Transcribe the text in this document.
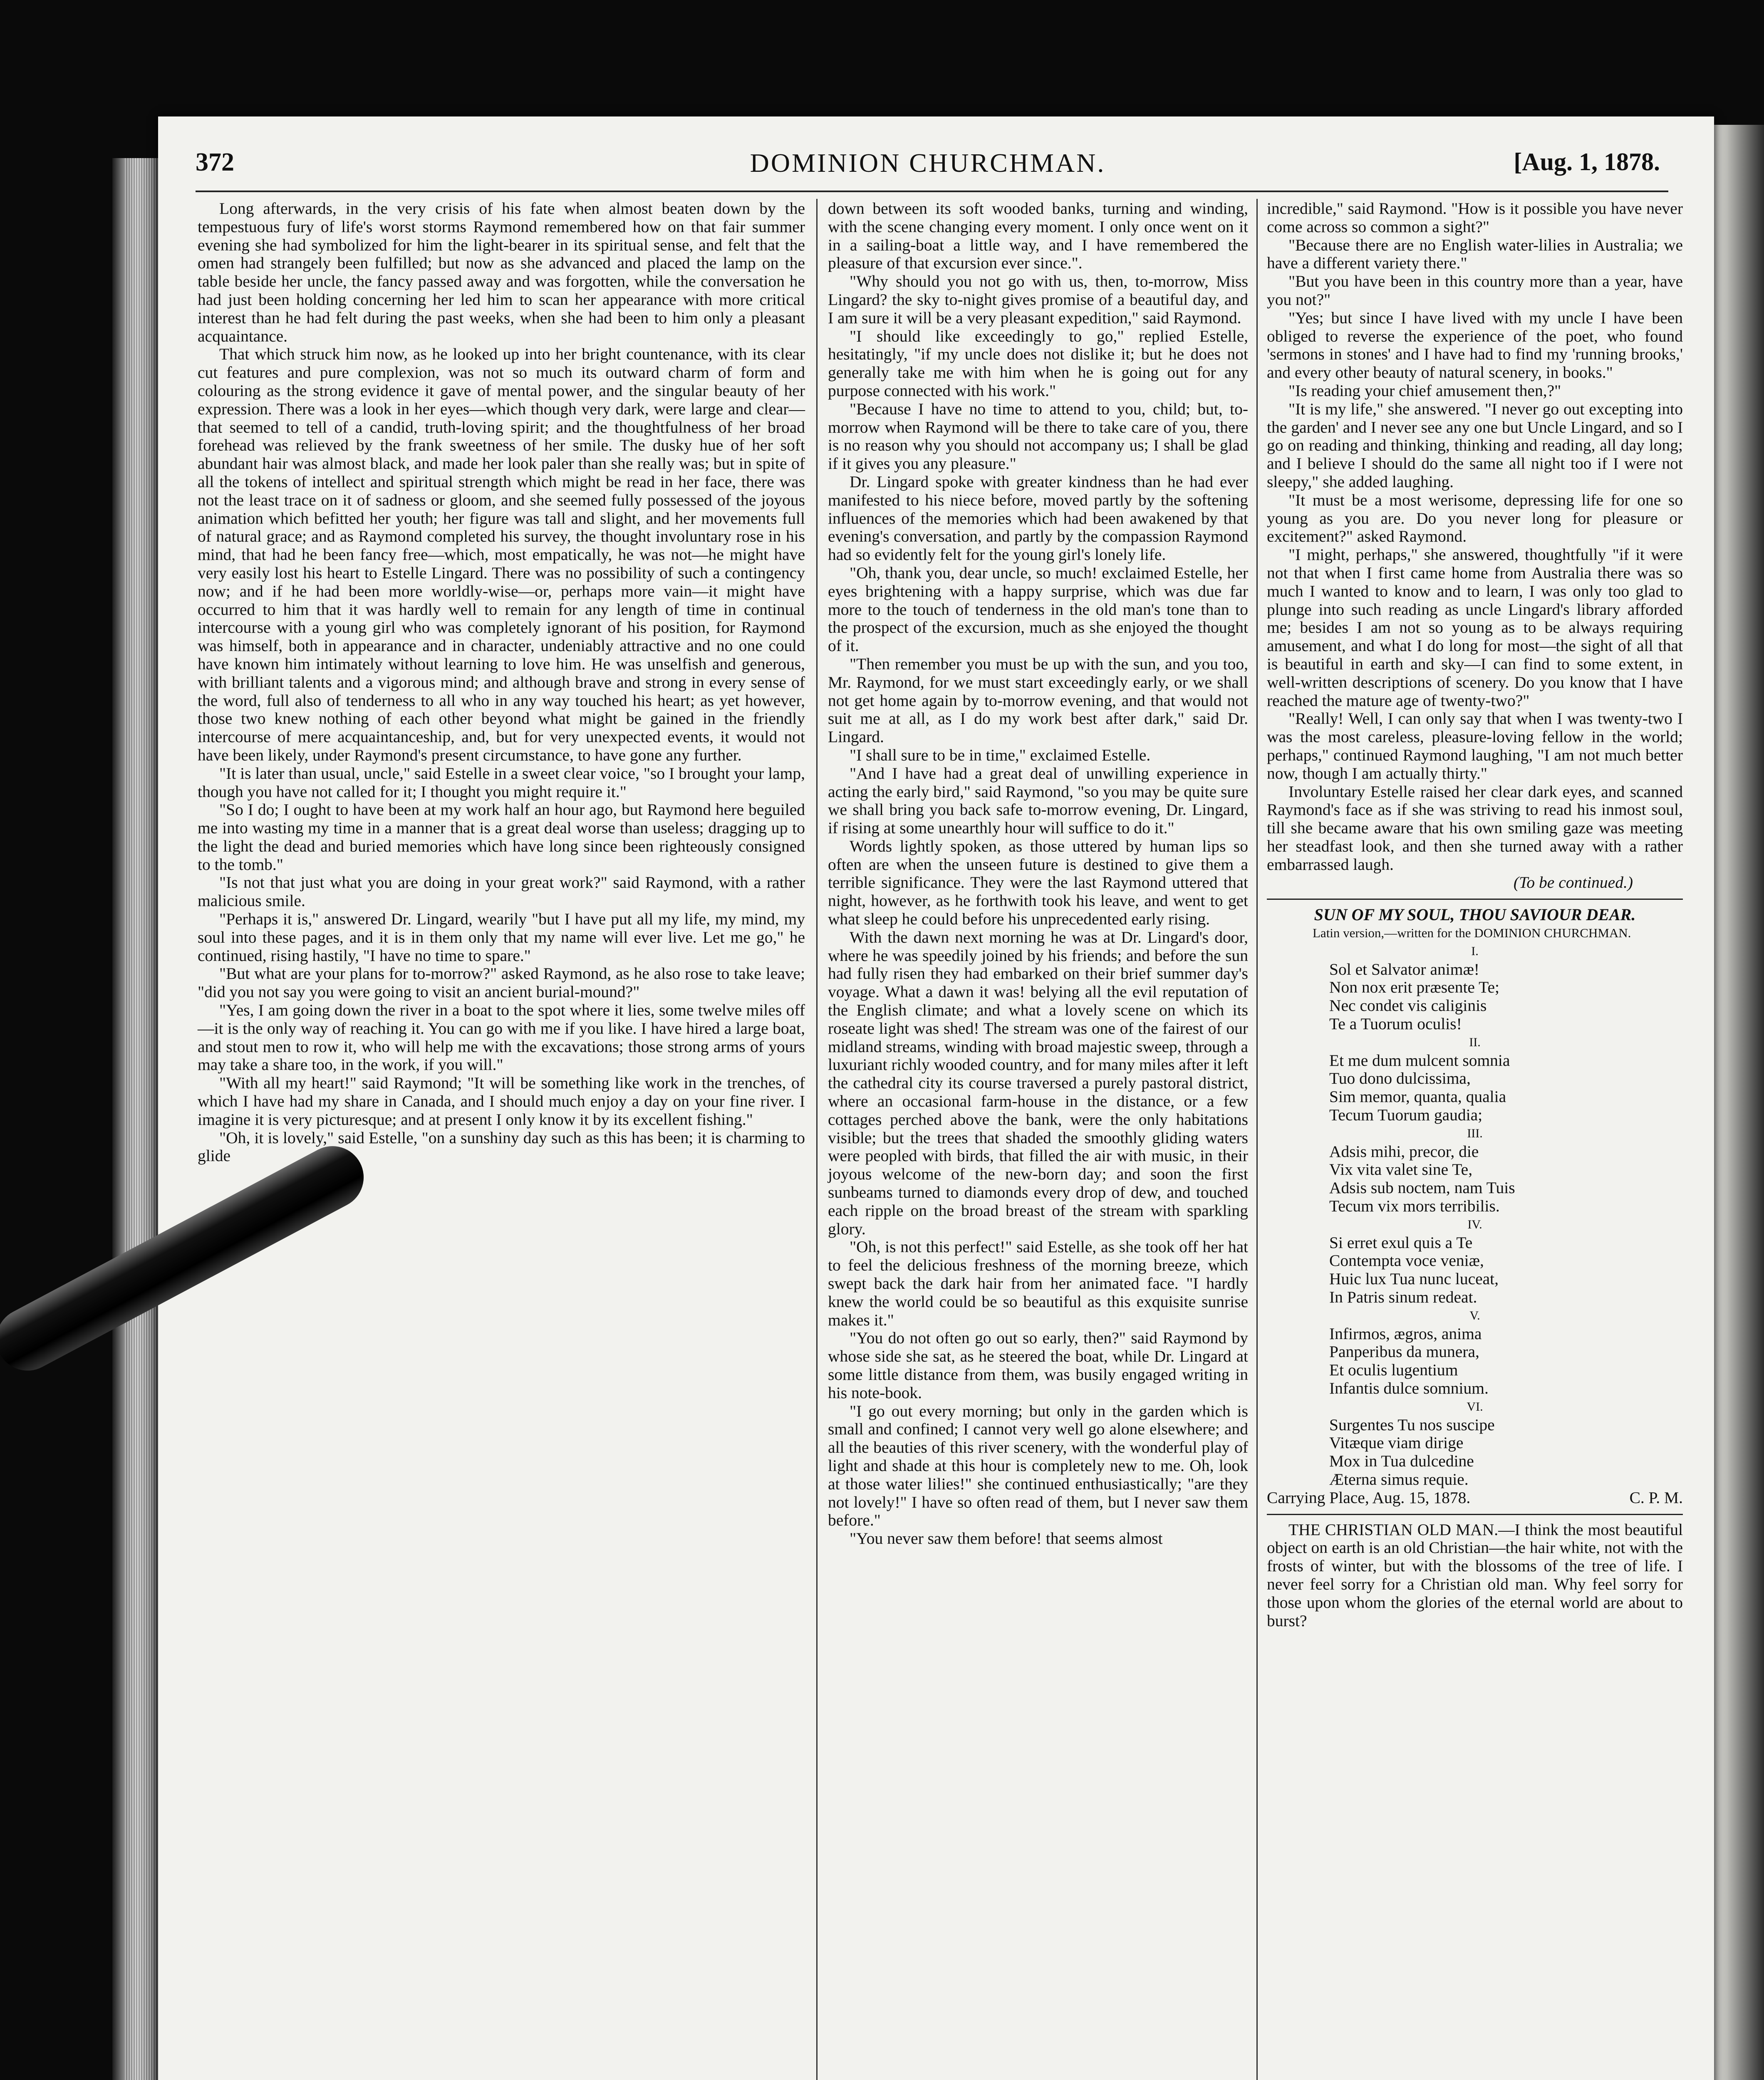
372	DOMINION CHURCHMAN.	[Aug. 1, 1878.

Long afterwards, in the very crisis of his fate when almost beaten down by the tempestuous fury of life's worst storms Raymond remembered how on that fair summer evening she had symbolized for him the light-bearer in its spiritual sense, and felt that the omen had strangely been fulfilled; but now as she advanced and placed the lamp on the table beside her uncle, the fancy passed away and was forgotten, while the conversation he had just been holding concerning her led him to scan her appearance with more critical interest than he had felt during the past weeks, when she had been to him only a pleasant acquaintance.

That which struck him now, as he looked up into her bright countenance, with its clear cut features and pure complexion, was not so much its outward charm of form and colouring as the strong evidence it gave of mental power, and the singular beauty of her expression. There was a look in her eyes—which though very dark, were large and clear—that seemed to tell of a candid, truth-loving spirit; and the thoughtfulness of her broad forehead was relieved by the frank sweetness of her smile. The dusky hue of her soft abundant hair was almost black, and made her look paler than she really was; but in spite of all the tokens of intellect and spiritual strength which might be read in her face, there was not the least trace on it of sadness or gloom, and she seemed fully possessed of the joyous animation which befitted her youth; her figure was tall and slight, and her movements full of natural grace; and as Raymond completed his survey, the thought involuntary rose in his mind, that had he been fancy free—which, most empatically, he was not—he might have very easily lost his heart to Estelle Lingard. There was no possibility of such a contingency now; and if he had been more worldly-wise—or, perhaps more vain—it might have occurred to him that it was hardly well to remain for any length of time in continual intercourse with a young girl who was completely ignorant of his position, for Raymond was himself, both in appearance and in character, undeniably attractive and no one could have known him intimately without learning to love him. He was unselfish and generous, with brilliant talents and a vigorous mind; and although brave and strong in every sense of the word, full also of tenderness to all who in any way touched his heart; as yet however, those two knew nothing of each other beyond what might be gained in the friendly intercourse of mere acquaintanceship, and, but for very unexpected events, it would not have been likely, under Raymond's present circumstance, to have gone any further.

"It is later than usual, uncle," said Estelle in a sweet clear voice, "so I brought your lamp, though you have not called for it; I thought you might require it."

"So I do; I ought to have been at my work half an hour ago, but Raymond here beguiled me into wasting my time in a manner that is a great deal worse than useless; dragging up to the light the dead and buried memories which have long since been righteously consigned to the tomb."

"Is not that just what you are doing in your great work?" said Raymond, with a rather malicious smile.

"Perhaps it is," answered Dr. Lingard, wearily "but I have put all my life, my mind, my soul into these pages, and it is in them only that my name will ever live. Let me go," he continued, rising hastily, "I have no time to spare."

"But what are your plans for to-morrow?" asked Raymond, as he also rose to take leave; "did you not say you were going to visit an ancient burial-mound?"

"Yes, I am going down the river in a boat to the spot where it lies, some twelve miles off—it is the only way of reaching it. You can go with me if you like. I have hired a large boat, and stout men to row it, who will help me with the excavations; those strong arms of yours may take a share too, in the work, if you will."

"With all my heart!" said Raymond; "It will be something like work in the trenches, of which I have had my share in Canada, and I should much enjoy a day on your fine river. I imagine it is very picturesque; and at present I only know it by its excellent fishing."

"Oh, it is lovely," said Estelle, "on a sunshiny day such as this has been; it is charming to glide

down between its soft wooded banks, turning and winding, with the scene changing every moment. I only once went on it in a sailing-boat a little way, and I have remembered the pleasure of that excursion ever since.".

"Why should you not go with us, then, to-morrow, Miss Lingard? the sky to-night gives promise of a beautiful day, and I am sure it will be a very pleasant expedition," said Raymond.

"I should like exceedingly to go," replied Estelle, hesitatingly, "if my uncle does not dislike it; but he does not generally take me with him when he is going out for any purpose connected with his work."

"Because I have no time to attend to you, child; but, to-morrow when Raymond will be there to take care of you, there is no reason why you should not accompany us; I shall be glad if it gives you any pleasure."

Dr. Lingard spoke with greater kindness than he had ever manifested to his niece before, moved partly by the softening influences of the memories which had been awakened by that evening's conversation, and partly by the compassion Raymond had so evidently felt for the young girl's lonely life.

"Oh, thank you, dear uncle, so much! exclaimed Estelle, her eyes brightening with a happy surprise, which was due far more to the touch of tenderness in the old man's tone than to the prospect of the excursion, much as she enjoyed the thought of it.

"Then remember you must be up with the sun, and you too, Mr. Raymond, for we must start exceedingly early, or we shall not get home again by to-morrow evening, and that would not suit me at all, as I do my work best after dark," said Dr. Lingard.

"I shall sure to be in time," exclaimed Estelle.

"And I have had a great deal of unwilling experience in acting the early bird," said Raymond, "so you may be quite sure we shall bring you back safe to-morrow evening, Dr. Lingard, if rising at some unearthly hour will suffice to do it."

Words lightly spoken, as those uttered by human lips so often are when the unseen future is destined to give them a terrible significance. They were the last Raymond uttered that night, however, as he forthwith took his leave, and went to get what sleep he could before his unprecedented early rising.

With the dawn next morning he was at Dr. Lingard's door, where he was speedily joined by his friends; and before the sun had fully risen they had embarked on their brief summer day's voyage. What a dawn it was! belying all the evil reputation of the English climate; and what a lovely scene on which its roseate light was shed! The stream was one of the fairest of our midland streams, winding with broad majestic sweep, through a luxuriant richly wooded country, and for many miles after it left the cathedral city its course traversed a purely pastoral district, where an occasional farm-house in the distance, or a few cottages perched above the bank, were the only habitations visible; but the trees that shaded the smoothly gliding waters were peopled with birds, that filled the air with music, in their joyous welcome of the new-born day; and soon the first sunbeams turned to diamonds every drop of dew, and touched each ripple on the broad breast of the stream with sparkling glory.

"Oh, is not this perfect!" said Estelle, as she took off her hat to feel the delicious freshness of the morning breeze, which swept back the dark hair from her animated face. "I hardly knew the world could be so beautiful as this exquisite sunrise makes it."

"You do not often go out so early, then?" said Raymond by whose side she sat, as he steered the boat, while Dr. Lingard at some little distance from them, was busily engaged writing in his note-book.

"I go out every morning; but only in the garden which is small and confined; I cannot very well go alone elsewhere; and all the beauties of this river scenery, with the wonderful play of light and shade at this hour is completely new to me. Oh, look at those water lilies!" she continued enthusiastically; "are they not lovely!" I have so often read of them, but I never saw them before."

"You never saw them before! that seems almost

incredible," said Raymond. "How is it possible you have never come across so common a sight?"

"Because there are no English water-lilies in Australia; we have a different variety there."

"But you have been in this country more than a year, have you not?"

"Yes; but since I have lived with my uncle I have been obliged to reverse the experience of the poet, who found 'sermons in stones' and I have had to find my 'running brooks,' and every other beauty of natural scenery, in books."

"Is reading your chief amusement then,?"

"It is my life," she answered. "I never go out excepting into the garden' and I never see any one but Uncle Lingard, and so I go on reading and thinking, thinking and reading, all day long; and I believe I should do the same all night too if I were not sleepy," she added laughing.

"It must be a most werisome, depressing life for one so young as you are. Do you never long for pleasure or excitement?" asked Raymond.

"I might, perhaps," she answered, thoughtfully "if it were not that when I first came home from Australia there was so much I wanted to know and to learn, I was only too glad to plunge into such reading as uncle Lingard's library afforded me; besides I am not so young as to be always requiring amusement, and what I do long for most—the sight of all that is beautiful in earth and sky—I can find to some extent, in well-written descriptions of scenery. Do you know that I have reached the mature age of twenty-two?"

"Really! Well, I can only say that when I was twenty-two I was the most careless, pleasure-loving fellow in the world; perhaps," continued Raymond laughing, "I am not much better now, though I am actually thirty."

Involuntary Estelle raised her clear dark eyes, and scanned Raymond's face as if she was striving to read his inmost soul, till she became aware that his own smiling gaze was meeting her steadfast look, and then she turned away with a rather embarrassed laugh.

(To be continued.)

SUN OF MY SOUL, THOU SAVIOUR DEAR.

Latin version,—written for the DOMINION CHURCHMAN.

I.

Sol et Salvator animæ!

Non nox erit præsente Te;

Nec condet vis caliginis

Te a Tuorum oculis!

II.

Et me dum mulcent somnia

Tuo dono dulcissima,

Sim memor, quanta, qualia

Tecum Tuorum gaudia;

III.

Adsis mihi, precor, die

Vix vita valet sine Te,

Adsis sub noctem, nam Tuis

Tecum vix mors terribilis.

IV.

Si erret exul quis a Te

Contempta voce veniæ,

Huic lux Tua nunc luceat,

In Patris sinum redeat.

V.

Infirmos, ægros, anima

Panperibus da munera,

Et oculis lugentium

Infantis dulce somnium.

VI.

Surgentes Tu nos suscipe

Vitæque viam dirige

Mox in Tua dulcedine

Æterna simus requie.

Carrying Place, Aug. 15, 1878.	C. P. M.

THE CHRISTIAN OLD MAN.—I think the most beautiful object on earth is an old Christian—the hair white, not with the frosts of winter, but with the blossoms of the tree of life. I never feel sorry for a Christian old man. Why feel sorry for those upon whom the glories of the eternal world are about to burst?
